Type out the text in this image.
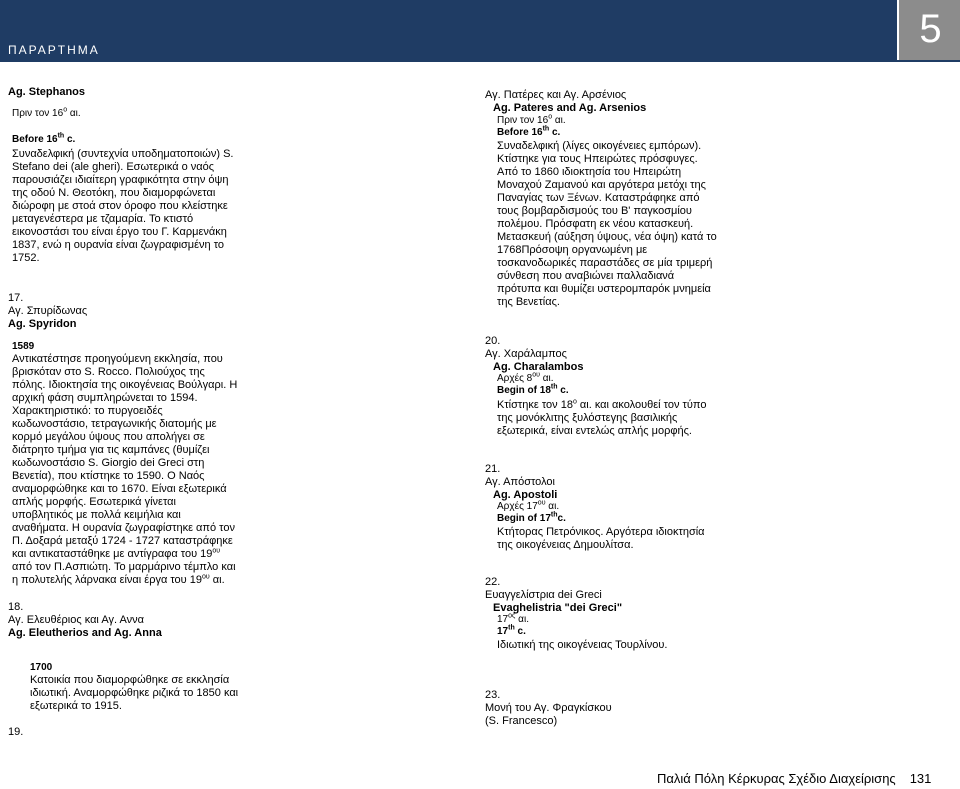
ΠΑΡΑΡΤΗΜΑ	5
Ag. Stephanos
Πριν τον $16^o$ αι.
Before 16th c.
Συναδελφική (συντεχνία υποδηματοποιών) S.
Stefano dei (ale gheri). Εσωτερικά ο ναός
παρουσιάζει ιδιαίτερη γραφικότητα στην όψη
της οδού Ν. Θεοτόκη, που διαμορφώνεται
διώροφη με στοά στον όροφο που κλείστηκε
μεταγενέστερα με τζαμαρία. Το κτιστό
εικονοστάσι του είναι έργο του Γ. Καρμενάκη
1837, ενώ η ουρανία είναι ζωγραφισμένη το
1752.
17.
Αγ. Σπυρίδωνας
Ag. Spyridon
1589
Αντικατέστησε προηγούμενη εκκλησία, που
βρισκόταν στο S. Rocco. Πολιούχος της
πόλης. Ιδιοκτησία της οικογένειας Βούλγαρι. Η
αρχική φάση συμπληρώνεται το 1594.
Χαρακτηριστικό: το πυργοειδές
κωδωνοστάσιο, τετραγωνικής διατομής με
κορμό μεγάλου ύψους που απολήγει σε
διάτρητο τμήμα για τις καμπάνες (θυμίζει
κωδωνοστάσιο S. Giorgio dei Greci στη
Βενετία), που κτίστηκε το 1590. Ο Ναός
αναμορφώθηκε και το 1670. Είναι εξωτερικά
απλής μορφής. Εσωτερικά γίνεται
υποβλητικός με πολλά κειμήλια και
αναθήματα. Η ουρανία ζωγραφίστηκε από τον
Π. Δοξαρά μεταξύ 1724 - 1727 καταστράφηκε
και αντικαταστάθηκε με αντίγραφα του $19^{o\upsilon}$
από τον Π.Ασπιώτη. Το μαρμάρινο τέμπλο και
η πολυτελής λάρνακα είναι έργα του $19^{o\upsilon}$ αι.
18.
Αγ. Ελευθέριος και Αγ. Αννα
Ag. Eleutherios and Ag. Anna
1700
Κατοικία που διαμορφώθηκε σε εκκλησία
ιδιωτική. Αναμορφώθηκε ριζικά το 1850 και
εξωτερικά το 1915.
19.
Αγ. Πατέρες και Αγ. Αρσένιος
Ag. Pateres and Ag. Arsenios
Πριν τον $16^o$ αι.
Before 16th c.
Συναδελφική (λίγες οικογένειες εμπόρων).
Κτίστηκε για τους Ηπειρώτες πρόσφυγες.
Από το 1860 ιδιοκτησία του Ηπειρώτη
Μοναχού Ζαμανού και αργότερα μετόχι της
Παναγίας των Ξένων. Καταστράφηκε από
τους βομβαρδισμούς του Β' παγκοσμίου
πολέμου. Πρόσφατη εκ νέου κατασκευή.
Μετασκευή (αύξηση ύψους, νέα όψη) κατά το
1768Πρόσοψη οργανωμένη με
τοσκανοδωρικές παραστάδες σε μία τριμερή
σύνθεση που αναβιώνει παλλαδιανά
πρότυπα και θυμίζει υστερομπαρόκ μνημεία
της Βενετίας.
20.
Αγ. Χαράλαμπος
Ag. Charalambos
Αρχές $8^{o\upsilon}$ αι.
Begin of 18th c.
Κτίστηκε τον $18^o$ αι. και ακολουθεί τον τύπο
της μονόκλιτης ξυλόστεγης βασιλικής
εξωτερικά, είναι εντελώς απλής μορφής.
21.
Αγ. Απόστολοι
Ag. Apostoli
Αρχές $17^{o\upsilon}$ αι.
Begin of 17thc.
Κτήτορας Πετρόνικος. Αργότερα ιδιοκτησία
της οικογένειας Δημουλίτσα.
22.
Ευαγγελίστρια dei Greci
Evaghelistria "dei Greci"
$17^{o\varsigma}$ αι.
17th c.
Ιδιωτική της οικογένειας Τουρλίνου.
23.
Μονή του Αγ. Φραγκίσκου
(S. Francesco)
Παλιά Πόλη Κέρκυρας Σχέδιο Διαχείρισης 131
